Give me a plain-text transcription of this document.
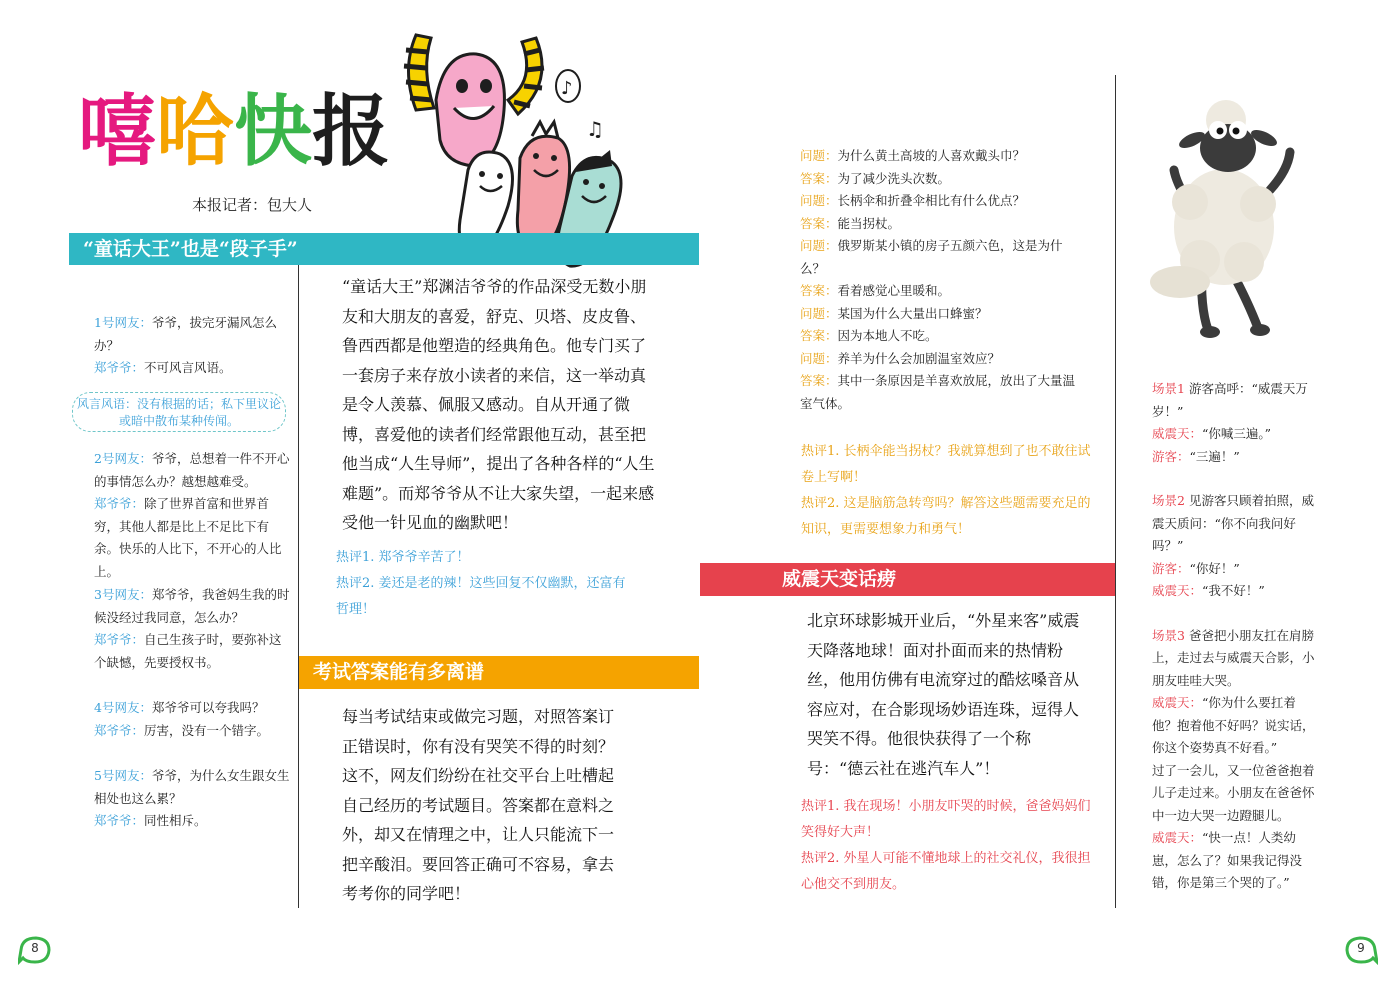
嘻 哈 快 报	♪
♫
本报记者：包大人
“童话大王”也是“段子手”
1号网友：爷爷，拔完牙漏风怎么办？
郑爷爷：不可风言风语。
风言风语：没有根据的话；私下里议论或暗中散布某种传闻。
2号网友：爷爷，总想着一件不开心的事情怎么办？越想越难受。
郑爷爷：除了世界首富和世界首穷，其他人都是比上不足比下有余。快乐的人比下，不开心的人比上。
3号网友：郑爷爷，我爸妈生我的时候没经过我同意，怎么办？
郑爷爷：自己生孩子时，要弥补这个缺憾，先要授权书。
4号网友：郑爷爷可以夸我吗？
郑爷爷：厉害，没有一个错字。
5号网友：爷爷，为什么女生跟女生相处也这么累？
郑爷爷：同性相斥。
“童话大王”郑渊洁爷爷的作品深受无数小朋友和大朋友的喜爱，舒克、贝塔、皮皮鲁、鲁西西都是他塑造的经典角色。他专门买了一套房子来存放小读者的来信，这一举动真是令人羡慕、佩服又感动。自从开通了微博，喜爱他的读者们经常跟他互动，甚至把他当成“人生导师”，提出了各种各样的“人生难题”。而郑爷爷从不让大家失望，一起来感受他一针见血的幽默吧！
热评1. 郑爷爷辛苦了！
热评2. 姜还是老的辣！这些回复不仅幽默，还富有哲理！
考试答案能有多离谱
每当考试结束或做完习题，对照答案订正错误时，你有没有哭笑不得的时刻？这不，网友们纷纷在社交平台上吐槽起自己经历的考试题目。答案都在意料之外，却又在情理之中，让人只能流下一把辛酸泪。要回答正确可不容易，拿去考考你的同学吧！
问题：为什么黄土高坡的人喜欢戴头巾？
答案：为了减少洗头次数。
问题：长柄伞和折叠伞相比有什么优点？
答案：能当拐杖。
问题：俄罗斯某小镇的房子五颜六色，这是为什么？
答案：看着感觉心里暖和。
问题：某国为什么大量出口蜂蜜？
答案：因为本地人不吃。
问题：养羊为什么会加剧温室效应？
答案：其中一条原因是羊喜欢放屁，放出了大量温室气体。
热评1. 长柄伞能当拐杖？我就算想到了也不敢往试卷上写啊！
热评2. 这是脑筋急转弯吗？解答这些题需要充足的知识，更需要想象力和勇气！
威震天变话痨
北京环球影城开业后，“外星来客”威震天降落地球！面对扑面而来的热情粉丝，他用仿佛有电流穿过的酷炫嗓音从容应对，在合影现场妙语连珠，逗得人哭笑不得。他很快获得了一个称号：“德云社在逃汽车人”！
热评1. 我在现场！小朋友吓哭的时候，爸爸妈妈们笑得好大声！
热评2. 外星人可能不懂地球上的社交礼仪，我很担心他交不到朋友。
场景1 游客高呼：“威震天万岁！”
威震天：“你喊三遍。”
游客：“三遍！”
场景2 见游客只顾着拍照，威震天质问：“你不向我问好吗？”
游客：“你好！”
威震天：“我不好！”
场景3 爸爸把小朋友扛在肩膀上，走过去与威震天合影，小朋友哇哇大哭。
威震天：“你为什么要扛着他？抱着他不好吗？说实话，你这个姿势真不好看。”
过了一会儿，又一位爸爸抱着儿子走过来。小朋友在爸爸怀中一边大哭一边蹬腿儿。
威震天：“快一点！人类幼崽，怎么了？如果我记得没错，你是第三个哭的了。”
8	9
